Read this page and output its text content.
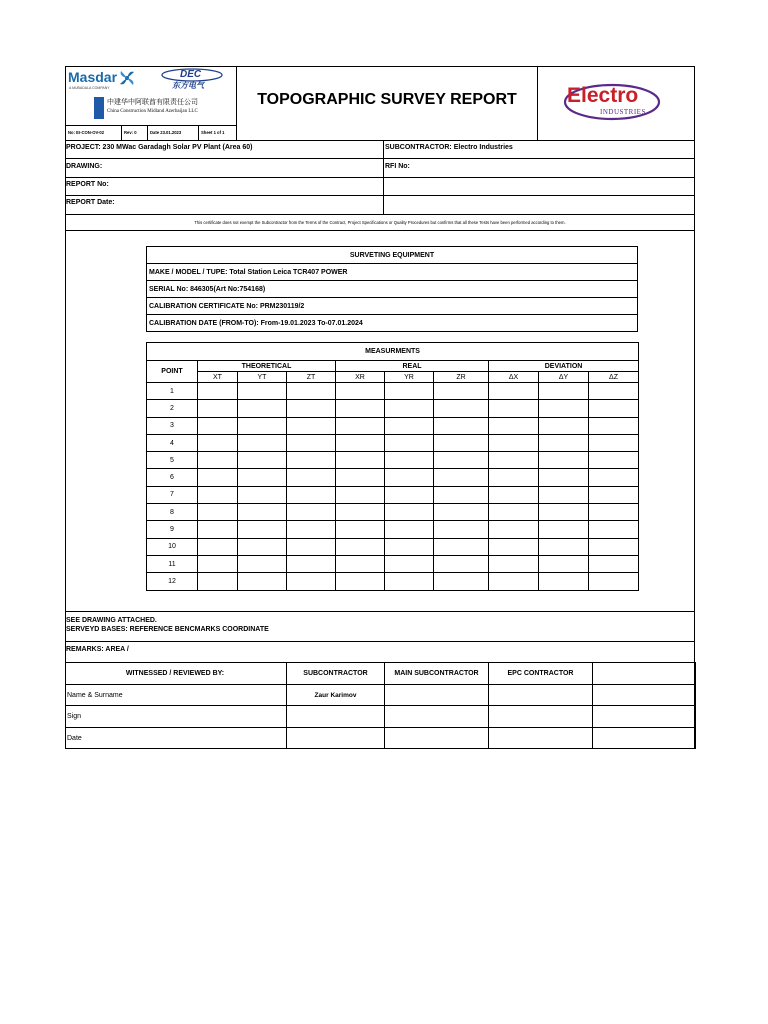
Masdar
A MUBADALA COMPANY
DEC
东方电气
中建华中阿联酋有限责任公司
China Construction Midland Azerbaijan LLC
No: EI-CON-OV-02	Rev: 0	Date 23.01.2023	Sheet 1 of 1
TOPOGRAPHIC SURVEY REPORT	Electro
INDUSTRIES
PROJECT: 230 MWac Garadagh Solar PV Plant (Area 60)	SUBCONTRACTOR: Electro Industries
DRAWING:	RFI No:
REPORT No:
REPORT Date:
This certificate does not exempt the Subcontractor from the Terms of the Contract, Project Specifications or Quality Procedures but confirms that all these Tests have been performed according to them.
SURVETING EQUIPMENT
MAKE / MODEL / TUPE: Total Station Leica TCR407 POWER
SERIAL No: 846305(Art No:754168)
CALIBRATION CERTIFICATE No: PRM230119/2
CALIBRATION DATE (FROM-TO): From-19.01.2023 To-07.01.2024
MEASURMENTS									
POINT	THEORETICAL			REAL			DEVIATION		
	XT	YT	ZT	XR	YR	ZR	ΔX	ΔY	ΔZ
1									
2									
3									
4									
5									
6									
7									
8									
9									
10									
11									
12									
SEE DRAWING ATTACHED.
SERVEYD BASES: REFERENCE BENCMARKS COORDINATE
REMARKS: AREA /
WITNESSED / REVIEWED BY:	SUBCONTRACTOR	MAIN SUBCONTRACTOR	EPC CONTRACTOR	
Name & Surname	Zaur Karimov			
Sign				
Date				
